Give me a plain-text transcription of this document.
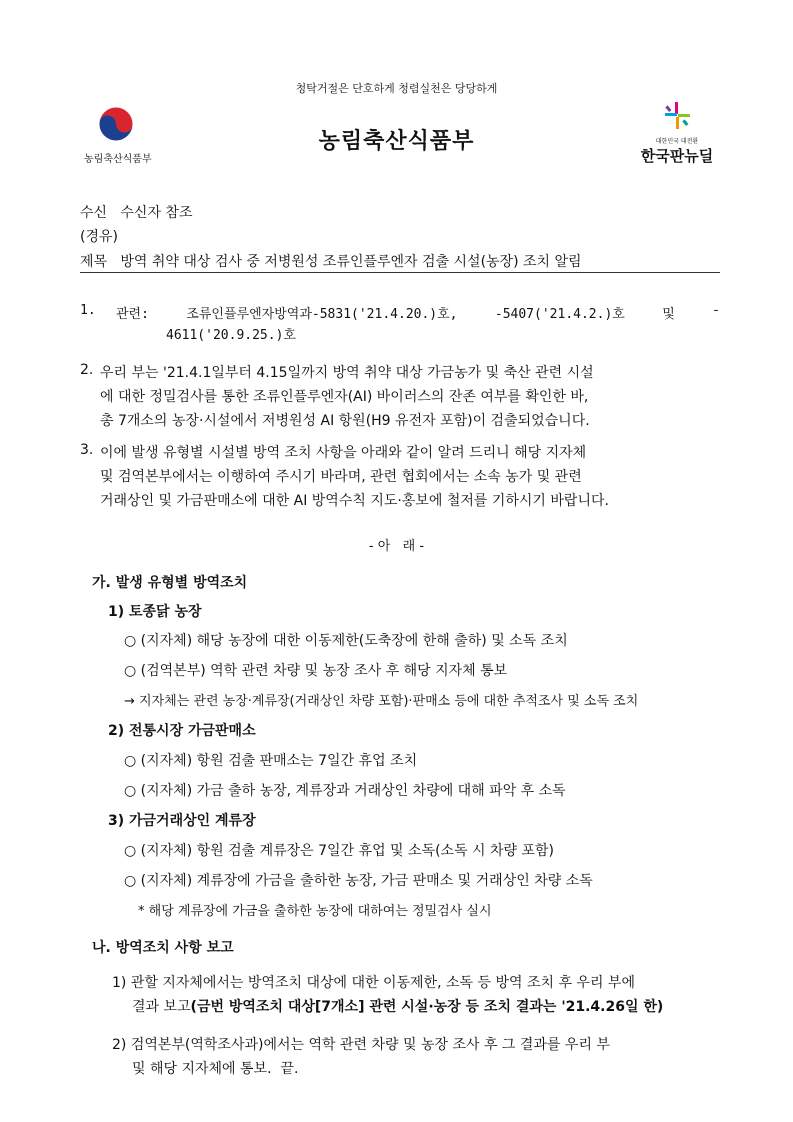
청탁거절은 단호하게 청렴실천은 당당하게
농림축산식품부
농림축산식품부	대한민국 대전환
한국판뉴딜
수신   수신자 참조
(경유)
제목   방역 취약 대상 검사 중 저병원성 조류인플루엔자 검출 시설(농장) 조치 알림
1. 관련:	조류인플루엔자방역과-5831('21.4.20.)호,	-5407('21.4.2.)호	및	-
4611('20.9.25.)호
2. 우리 부는 '21.4.1일부터 4.15일까지 방역 취약 대상 가금농가 및 축산 관련 시설
에 대한 정밀검사를 통한 조류인플루엔자(AI) 바이러스의 잔존 여부를 확인한 바,
총 7개소의 농장·시설에서 저병원성 AI 항원(H9 유전자 포함)이 검출되었습니다.
3. 이에 발생 유형별 시설별 방역 조치 사항을 아래와 같이 알려 드리니 해당 지자체
및 검역본부에서는 이행하여 주시기 바라며, 관련 협회에서는 소속 농가 및 관련
거래상인 및 가금판매소에 대한 AI 방역수칙 지도·홍보에 철저를 기하시기 바랍니다.
- 아   래 -
가. 발생 유형별 방역조치
1) 토종닭 농장
○ (지자체) 해당 농장에 대한 이동제한(도축장에 한해 출하) 및 소독 조치
○ (검역본부) 역학 관련 차량 및 농장 조사 후 해당 지자체 통보
→ 지자체는 관련 농장·계류장(거래상인 차량 포함)·판매소 등에 대한 추적조사 및 소독 조치
2) 전통시장 가금판매소
○ (지자체) 항원 검출 판매소는 7일간 휴업 조치
○ (지자체) 가금 출하 농장, 계류장과 거래상인 차량에 대해 파악 후 소독
3) 가금거래상인 계류장
○ (지자체) 항원 검출 계류장은 7일간 휴업 및 소독(소독 시 차량 포함)
○ (지자체) 계류장에 가금을 출하한 농장, 가금 판매소 및 거래상인 차량 소독
* 해당 계류장에 가금을 출하한 농장에 대하여는 정밀검사 실시
나. 방역조치 사항 보고
1) 관할 지자체에서는 방역조치 대상에 대한 이동제한, 소독 등 방역 조치 후 우리 부에
결과 보고(금번 방역조치 대상[7개소] 관련 시설·농장 등 조치 결과는 '21.4.26일 한)
2) 검역본부(역학조사과)에서는 역학 관련 차량 및 농장 조사 후 그 결과를 우리 부
및 해당 지자체에 통보.  끝.
